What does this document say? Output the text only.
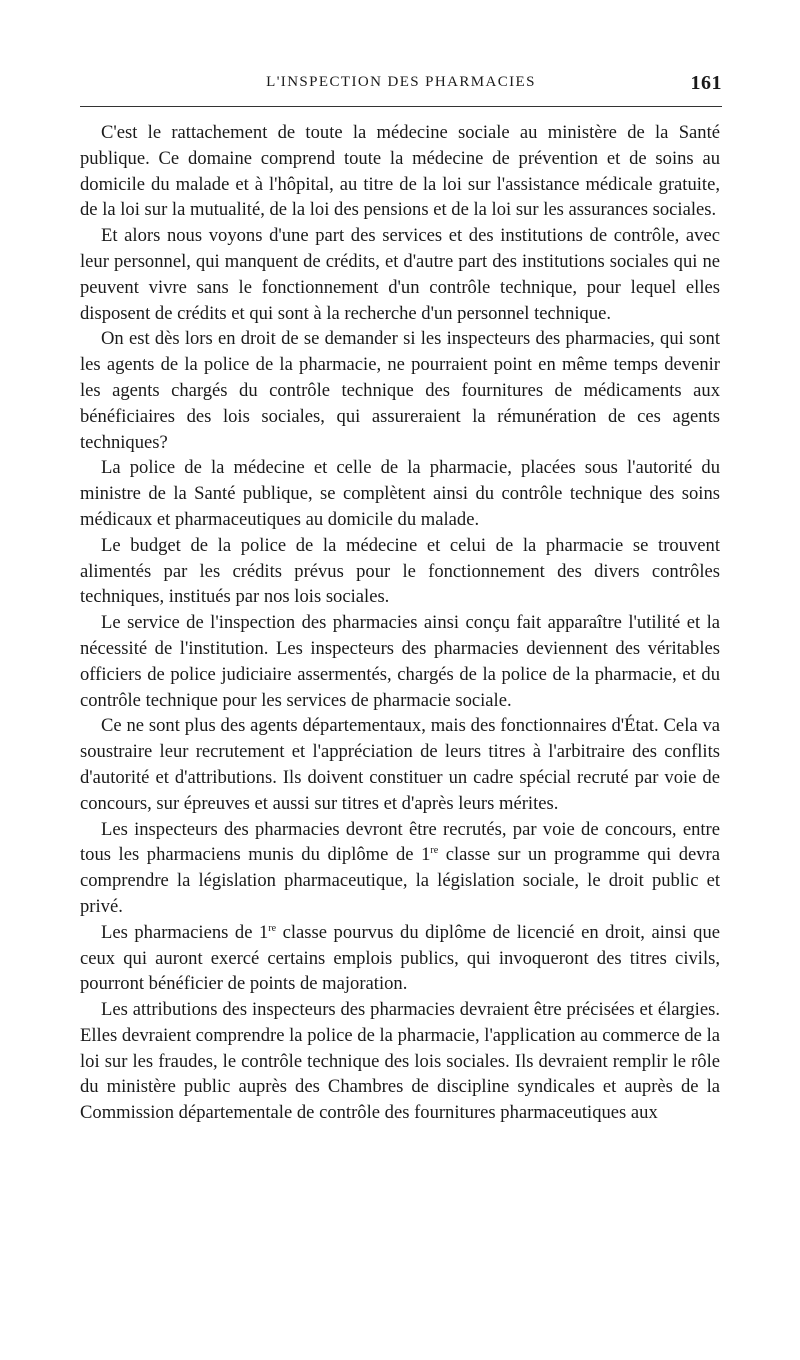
L'INSPECTION DES PHARMACIES	161

C'est le rattachement de toute la médecine sociale au ministère de la Santé publique. Ce domaine comprend toute la médecine de prévention et de soins au domicile du malade et à l'hôpital, au titre de la loi sur l'assistance médicale gratuite, de la loi sur la mutualité, de la loi des pensions et de la loi sur les assurances sociales.

Et alors nous voyons d'une part des services et des institutions de contrôle, avec leur personnel, qui manquent de crédits, et d'autre part des institutions sociales qui ne peuvent vivre sans le fonctionnement d'un contrôle technique, pour lequel elles disposent de crédits et qui sont à la recherche d'un personnel technique.

On est dès lors en droit de se demander si les inspecteurs des pharmacies, qui sont les agents de la police de la pharmacie, ne pourraient point en même temps devenir les agents chargés du contrôle technique des fournitures de médicaments aux bénéficiaires des lois sociales, qui assureraient la rémunération de ces agents techniques?

La police de la médecine et celle de la pharmacie, placées sous l'autorité du ministre de la Santé publique, se complètent ainsi du contrôle technique des soins médicaux et pharmaceutiques au domicile du malade.

Le budget de la police de la médecine et celui de la pharmacie se trouvent alimentés par les crédits prévus pour le fonctionnement des divers contrôles techniques, institués par nos lois sociales.

Le service de l'inspection des pharmacies ainsi conçu fait apparaître l'utilité et la nécessité de l'institution. Les inspecteurs des pharmacies deviennent des véritables officiers de police judiciaire assermentés, chargés de la police de la pharmacie, et du contrôle technique pour les services de pharmacie sociale.

Ce ne sont plus des agents départementaux, mais des fonctionnaires d'État. Cela va soustraire leur recrutement et l'appréciation de leurs titres à l'arbitraire des conflits d'autorité et d'attributions. Ils doivent constituer un cadre spécial recruté par voie de concours, sur épreuves et aussi sur titres et d'après leurs mérites.

Les inspecteurs des pharmacies devront être recrutés, par voie de concours, entre tous les pharmaciens munis du diplôme de 1re classe sur un programme qui devra comprendre la législation pharmaceutique, la législation sociale, le droit public et privé.

Les pharmaciens de 1re classe pourvus du diplôme de licencié en droit, ainsi que ceux qui auront exercé certains emplois publics, qui invoqueront des titres civils, pourront bénéficier de points de majoration.

Les attributions des inspecteurs des pharmacies devraient être précisées et élargies. Elles devraient comprendre la police de la pharmacie, l'application au commerce de la loi sur les fraudes, le contrôle technique des lois sociales. Ils devraient remplir le rôle du ministère public auprès des Chambres de discipline syndicales et auprès de la Commission départementale de contrôle des fournitures pharmaceutiques aux
